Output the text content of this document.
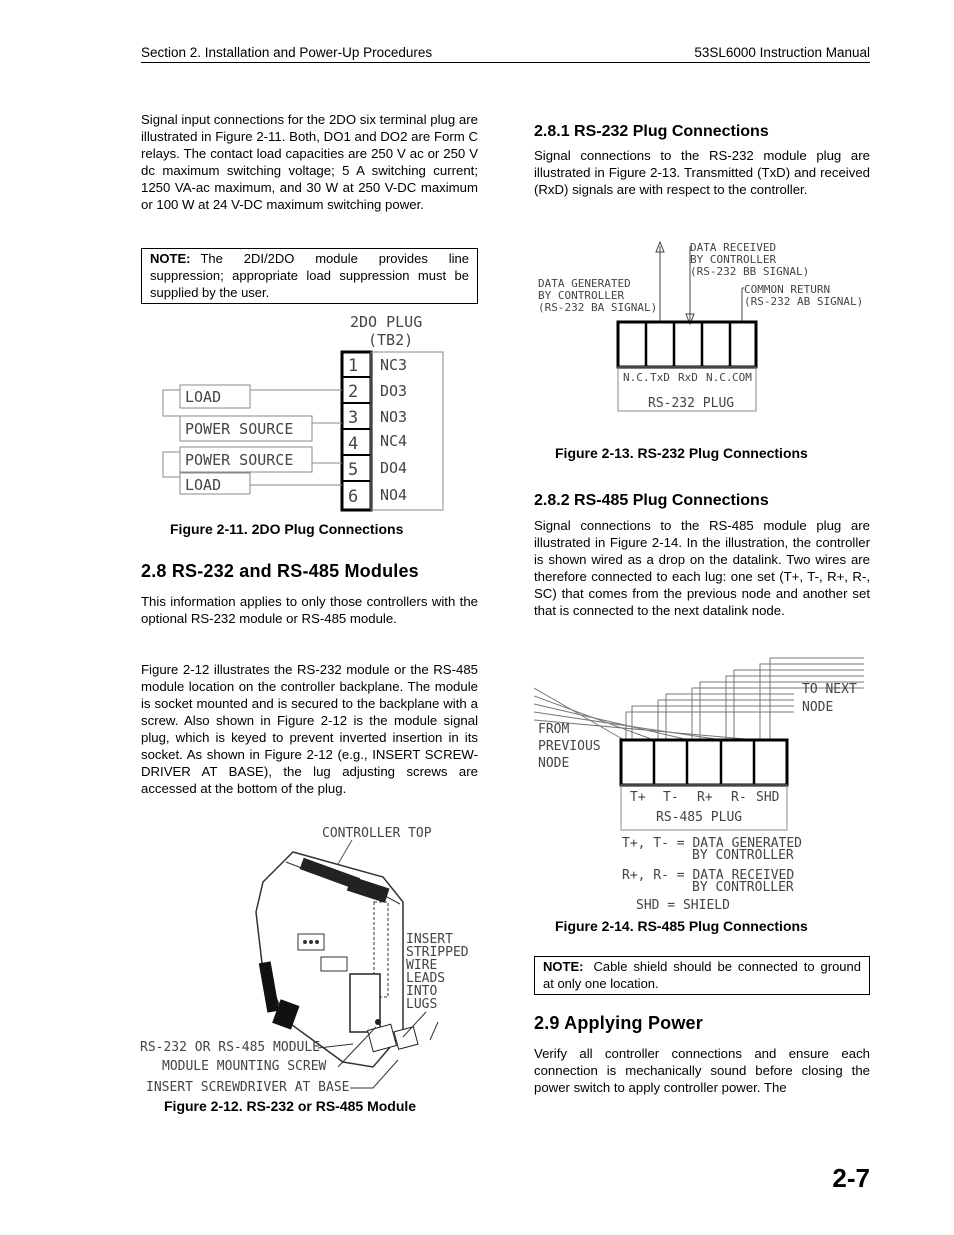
Section 2. Installation and Power-Up Procedures	53SL6000 Instruction Manual

Signal input connections for the 2DO six terminal plug are illustrated in Figure 2-11. Both, DO1 and DO2 are Form C relays. The contact load capacities are 250 V ac or 250 V dc maximum switching voltage; 5 A switching current; 1250 VA-ac maximum, and 30 W at 250 V-DC maximum or 100 W at 24 V-DC maximum switching power.

NOTE: The 2DI/2DO module provides line suppression; appropriate load suppression must be supplied by the user.
2DO PLUG
(TB2)
1
2
3
4
5
6
NC3
DO3
NO3
NC4
DO4
NO4
LOAD
POWER SOURCE
POWER SOURCE
LOAD

Figure 2-11. 2DO Plug Connections

2.8 RS-232 and RS-485 Modules

This information applies to only those controllers with the optional RS-232 module or RS-485 module.

Figure 2-12 illustrates the RS-232 module or the RS-485 module location on the controller backplane. The module is socket mounted and is secured to the backplane with a screw. Also shown in Figure 2-12 is the module signal plug, which is keyed to prevent inverted insertion in its socket. As shown in Figure 2-12 (e.g., INSERT SCREW-DRIVER AT BASE), the lug adjusting screws are accessed at the bottom of the plug.

CONTROLLER TOP
INSERT
STRIPPED
WIRE
LEADS
INTO
LUGS
RS-232 OR RS-485 MODULE
MODULE MOUNTING SCREW
INSERT SCREWDRIVER AT BASE

Figure 2-12. RS-232 or RS-485 Module

2.8.1 RS-232 Plug Connections

Signal connections to the RS-232 module plug are illustrated in Figure 2-13. Transmitted (TxD) and received (RxD) signals are with respect to the controller.

DATA RECEIVED
BY CONTROLLER
(RS-232 BB SIGNAL)
DATA GENERATED
BY CONTROLLER
(RS-232 BA SIGNAL)
COMMON RETURN
(RS-232 AB SIGNAL)
N.C. TxD RxD N.C. COM
RS-232 PLUG

Figure 2-13. RS-232 Plug Connections

2.8.2 RS-485 Plug Connections

Signal connections to the RS-485 module plug are illustrated in Figure 2-14. In the illustration, the controller is shown wired as a drop on the datalink. Two wires are therefore connected to each lug: one set (T+, T-, R+, R-, SC) that comes from the previous node and another set that is connected to the next datalink node.

TO NEXT
NODE
FROM
PREVIOUS
NODE
T+ T- R+ R- SHD
RS-485 PLUG
T+, T- = DATA GENERATED
BY CONTROLLER
R+, R- = DATA RECEIVED
BY CONTROLLER
SHD = SHIELD

Figure 2-14. RS-485 Plug Connections

NOTE: Cable shield should be connected to ground at only one location.
2.9 Applying Power

Verify all controller connections and ensure each connection is mechanically sound before closing the power switch to apply controller power. The

2-7
